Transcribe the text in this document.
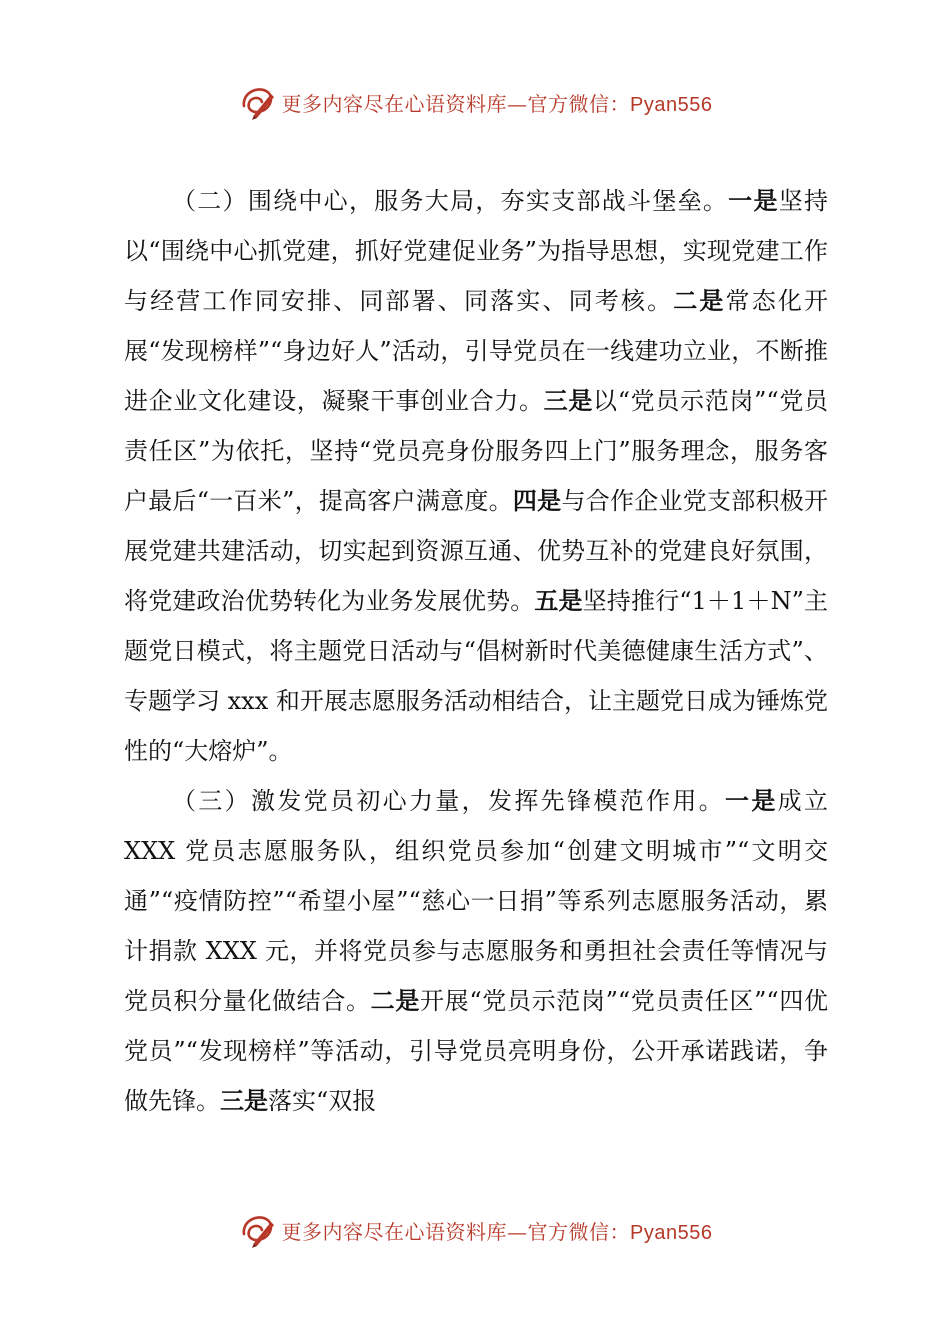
更多内容尽在心语资料库—官方微信：Pyan556

（二）围绕中心，服务大局，夯实支部战斗堡垒。一是坚持以“围绕中心抓党建，抓好党建促业务”为指导思想，实现党建工作与经营工作同安排、同部署、同落实、同考核。二是常态化开展“发现榜样”“身边好人”活动，引导党员在一线建功立业，不断推进企业文化建设，凝聚干事创业合力。三是以“党员示范岗”“党员责任区”为依托，坚持“党员亮身份服务四上门”服务理念，服务客户最后“一百米”，提高客户满意度。四是与合作企业党支部积极开展党建共建活动，切实起到资源互通、优势互补的党建良好氛围，将党建政治优势转化为业务发展优势。五是坚持推行“1＋1＋N”主题党日模式，将主题党日活动与“倡树新时代美德健康生活方式”、专题学习 xxx 和开展志愿服务活动相结合，让主题党日成为锤炼党性的“大熔炉”。

（三）激发党员初心力量，发挥先锋模范作用。一是成立 XXX 党员志愿服务队，组织党员参加“创建文明城市”“文明交通”“疫情防控”“希望小屋”“慈心一日捐”等系列志愿服务活动，累计捐款 XXX 元，并将党员参与志愿服务和勇担社会责任等情况与党员积分量化做结合。二是开展“党员示范岗”“党员责任区”“四优党员”“发现榜样”等活动，引导党员亮明身份，公开承诺践诺，争做先锋。三是落实“双报

更多内容尽在心语资料库—官方微信：Pyan556
